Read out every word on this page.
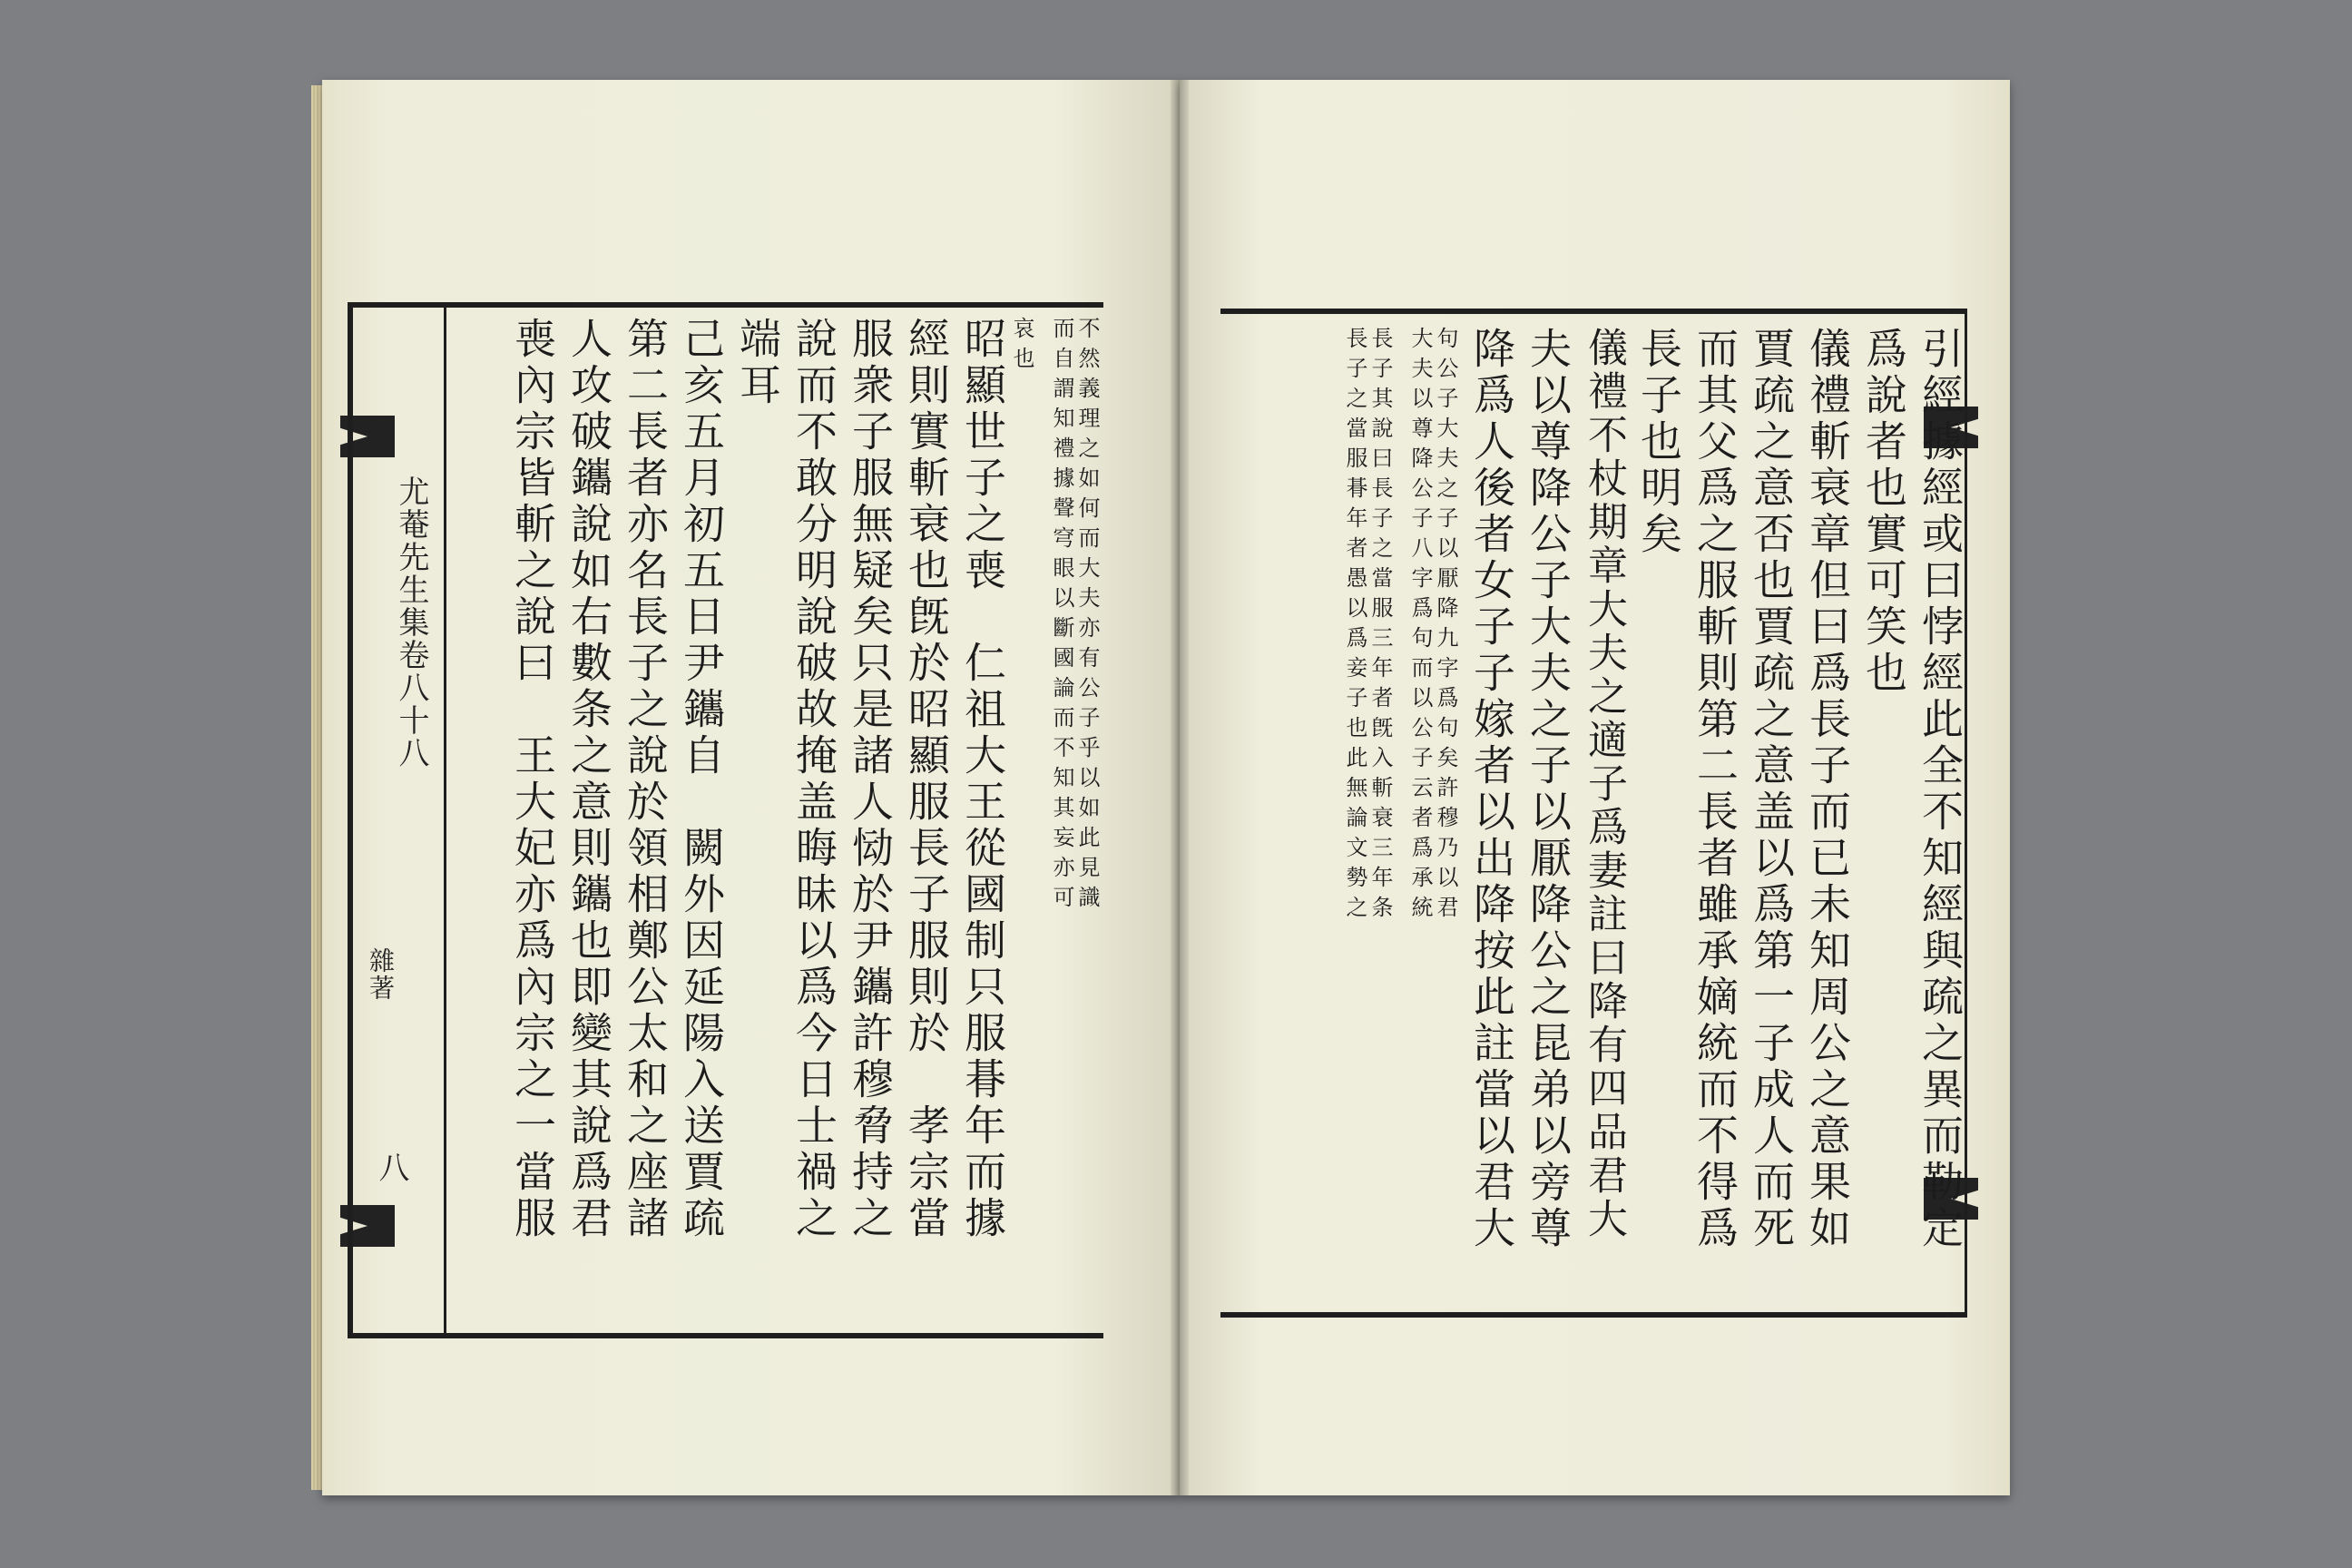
尤菴先生集卷八十八
雜著
八
不然義理之如何而大夫亦有公子乎以如此見識
而自謂知禮據聲穹眼以斷國論而不知其妄亦可
哀也
昭顯世子之喪　仁祖大王從國制只服朞年而據
經則實斬衰也旣於昭顯服長子服則於　孝宗當
服衆子服無疑矣只是諸人恸於尹鑴許穆脅持之
說而不敢分明說破故掩盖晦昧以爲今日士禍之
端耳
己亥五月初五日尹鑴自　闕外因延陽入送賈疏
第二長者亦名長子之說於領相鄭公太和之座諸
人攻破鑴說如右數条之意則鑴也即變其說爲君
喪內宗皆斬之說曰　王大妃亦爲內宗之一當服	引經據經或曰悖經此全不知經與疏之異而勒定
爲說者也實可笑也
儀禮斬衰章但曰爲長子而已未知周公之意果如
賈疏之意否也賈疏之意盖以爲第一子成人而死
而其父爲之服斬則第二長者雖承嫡統而不得爲
長子也明矣
儀禮不杖期章大夫之適子爲妻註曰降有四品君大
夫以尊降公子大夫之子以厭降公之昆弟以旁尊
降爲人後者女子子嫁者以出降按此註當以君大
句公子大夫之子以厭降九字爲句矣許穆乃以君
大夫以尊降公子八字爲句而以公子云者爲承統
長子其說曰長子之當服三年者旣入斬衰三年条
長子之當服朞年者愚以爲妾子也此無論文勢之
